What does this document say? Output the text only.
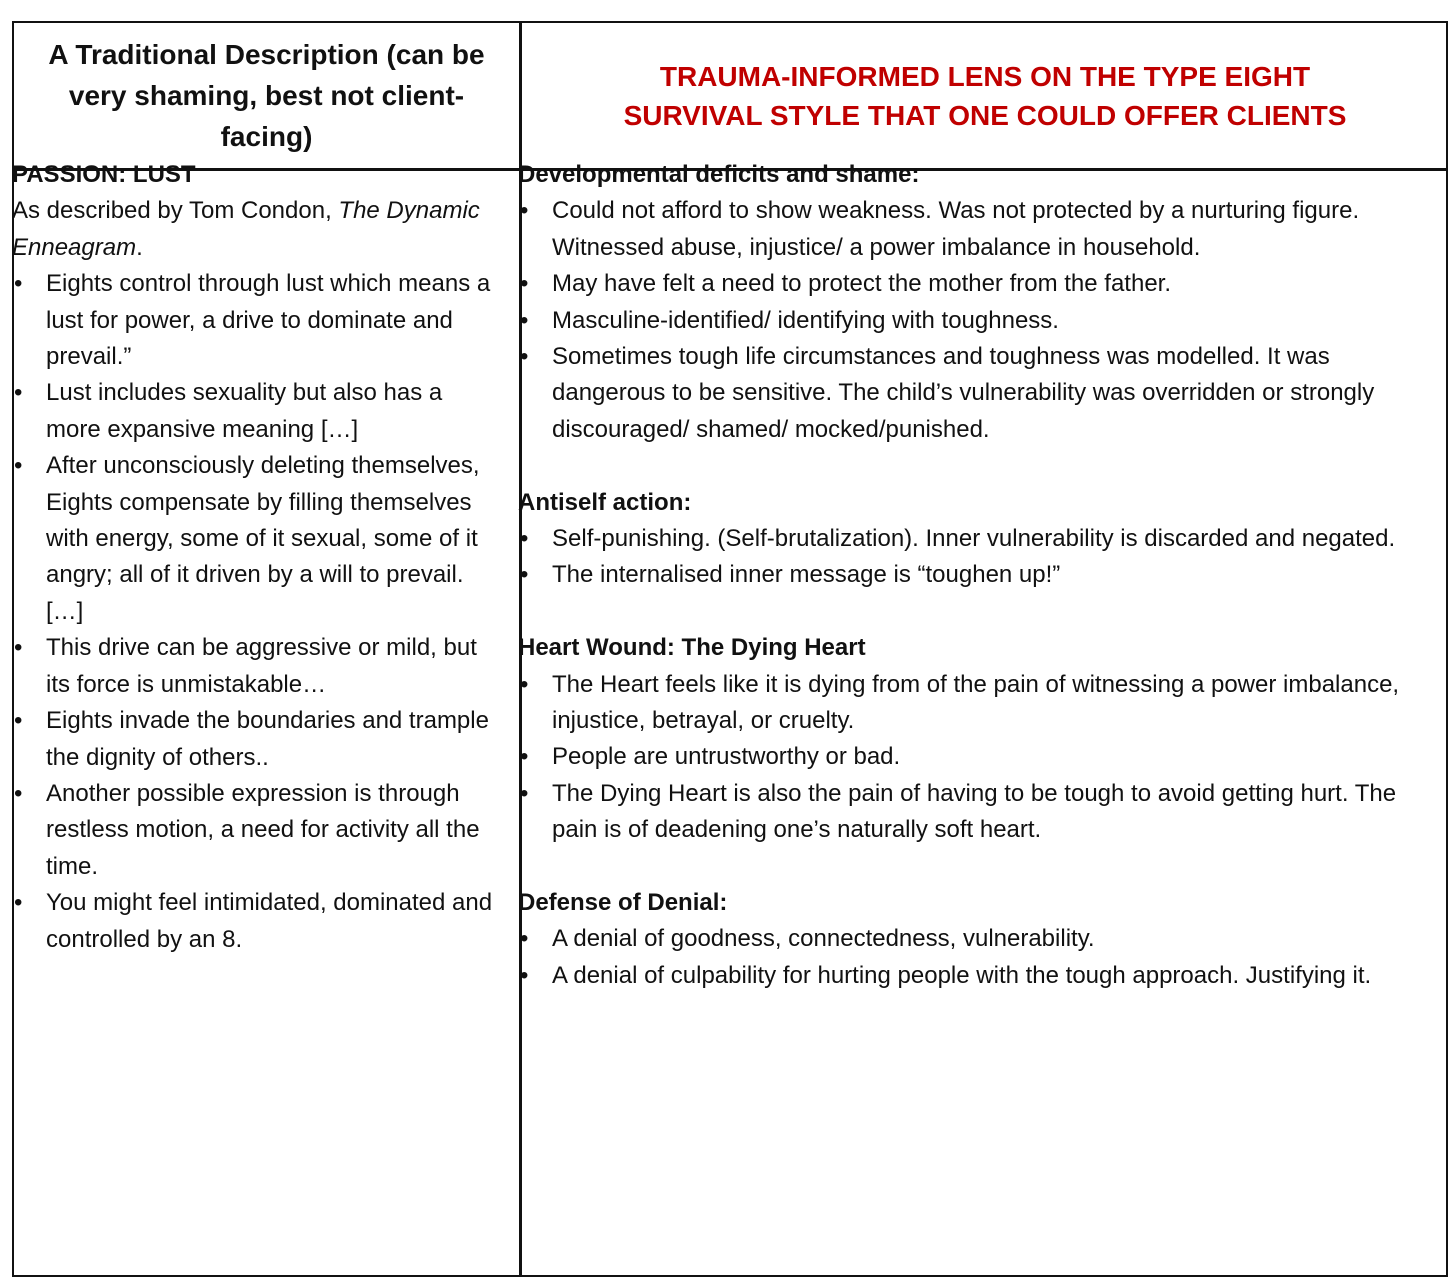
A Traditional Description (can be very shaming, best not client-facing)
TRAUMA-INFORMED LENS ON THE TYPE EIGHT
SURVIVAL STYLE THAT ONE COULD OFFER CLIENTS
PASSION: LUST
As described by Tom Condon, The Dynamic Enneagram.
• Eights control through lust which means a lust for power, a drive to dominate and prevail.”
• Lust includes sexuality but also has a more expansive meaning […]
• After unconsciously deleting themselves, Eights compensate by filling themselves with energy, some of it sexual, some of it angry; all of it driven by a will to prevail.[…]
• This drive can be aggressive or mild, but its force is unmistakable…
• Eights invade the boundaries and trample the dignity of others..
• Another possible expression is through restless motion, a need for activity all the time.
• You might feel intimidated, dominated and controlled by an 8.
Developmental deficits and shame:
• Could not afford to show weakness. Was not protected by a nurturing figure. Witnessed abuse, injustice/ a power imbalance in household.
• May have felt a need to protect the mother from the father.
• Masculine-identified/ identifying with toughness.
• Sometimes tough life circumstances and toughness was modelled. It was dangerous to be sensitive. The child’s vulnerability was overridden or strongly discouraged/ shamed/ mocked/punished.
Antiself action:
• Self-punishing. (Self-brutalization). Inner vulnerability is discarded and negated.
• The internalised inner message is “toughen up!”
Heart Wound: The Dying Heart
• The Heart feels like it is dying from of the pain of witnessing a power imbalance, injustice, betrayal, or cruelty.
• People are untrustworthy or bad.
• The Dying Heart is also the pain of having to be tough to avoid getting hurt. The pain is of deadening one’s naturally soft heart.
Defense of Denial:
• A denial of goodness, connectedness, vulnerability.
• A denial of culpability for hurting people with the tough approach. Justifying it.
